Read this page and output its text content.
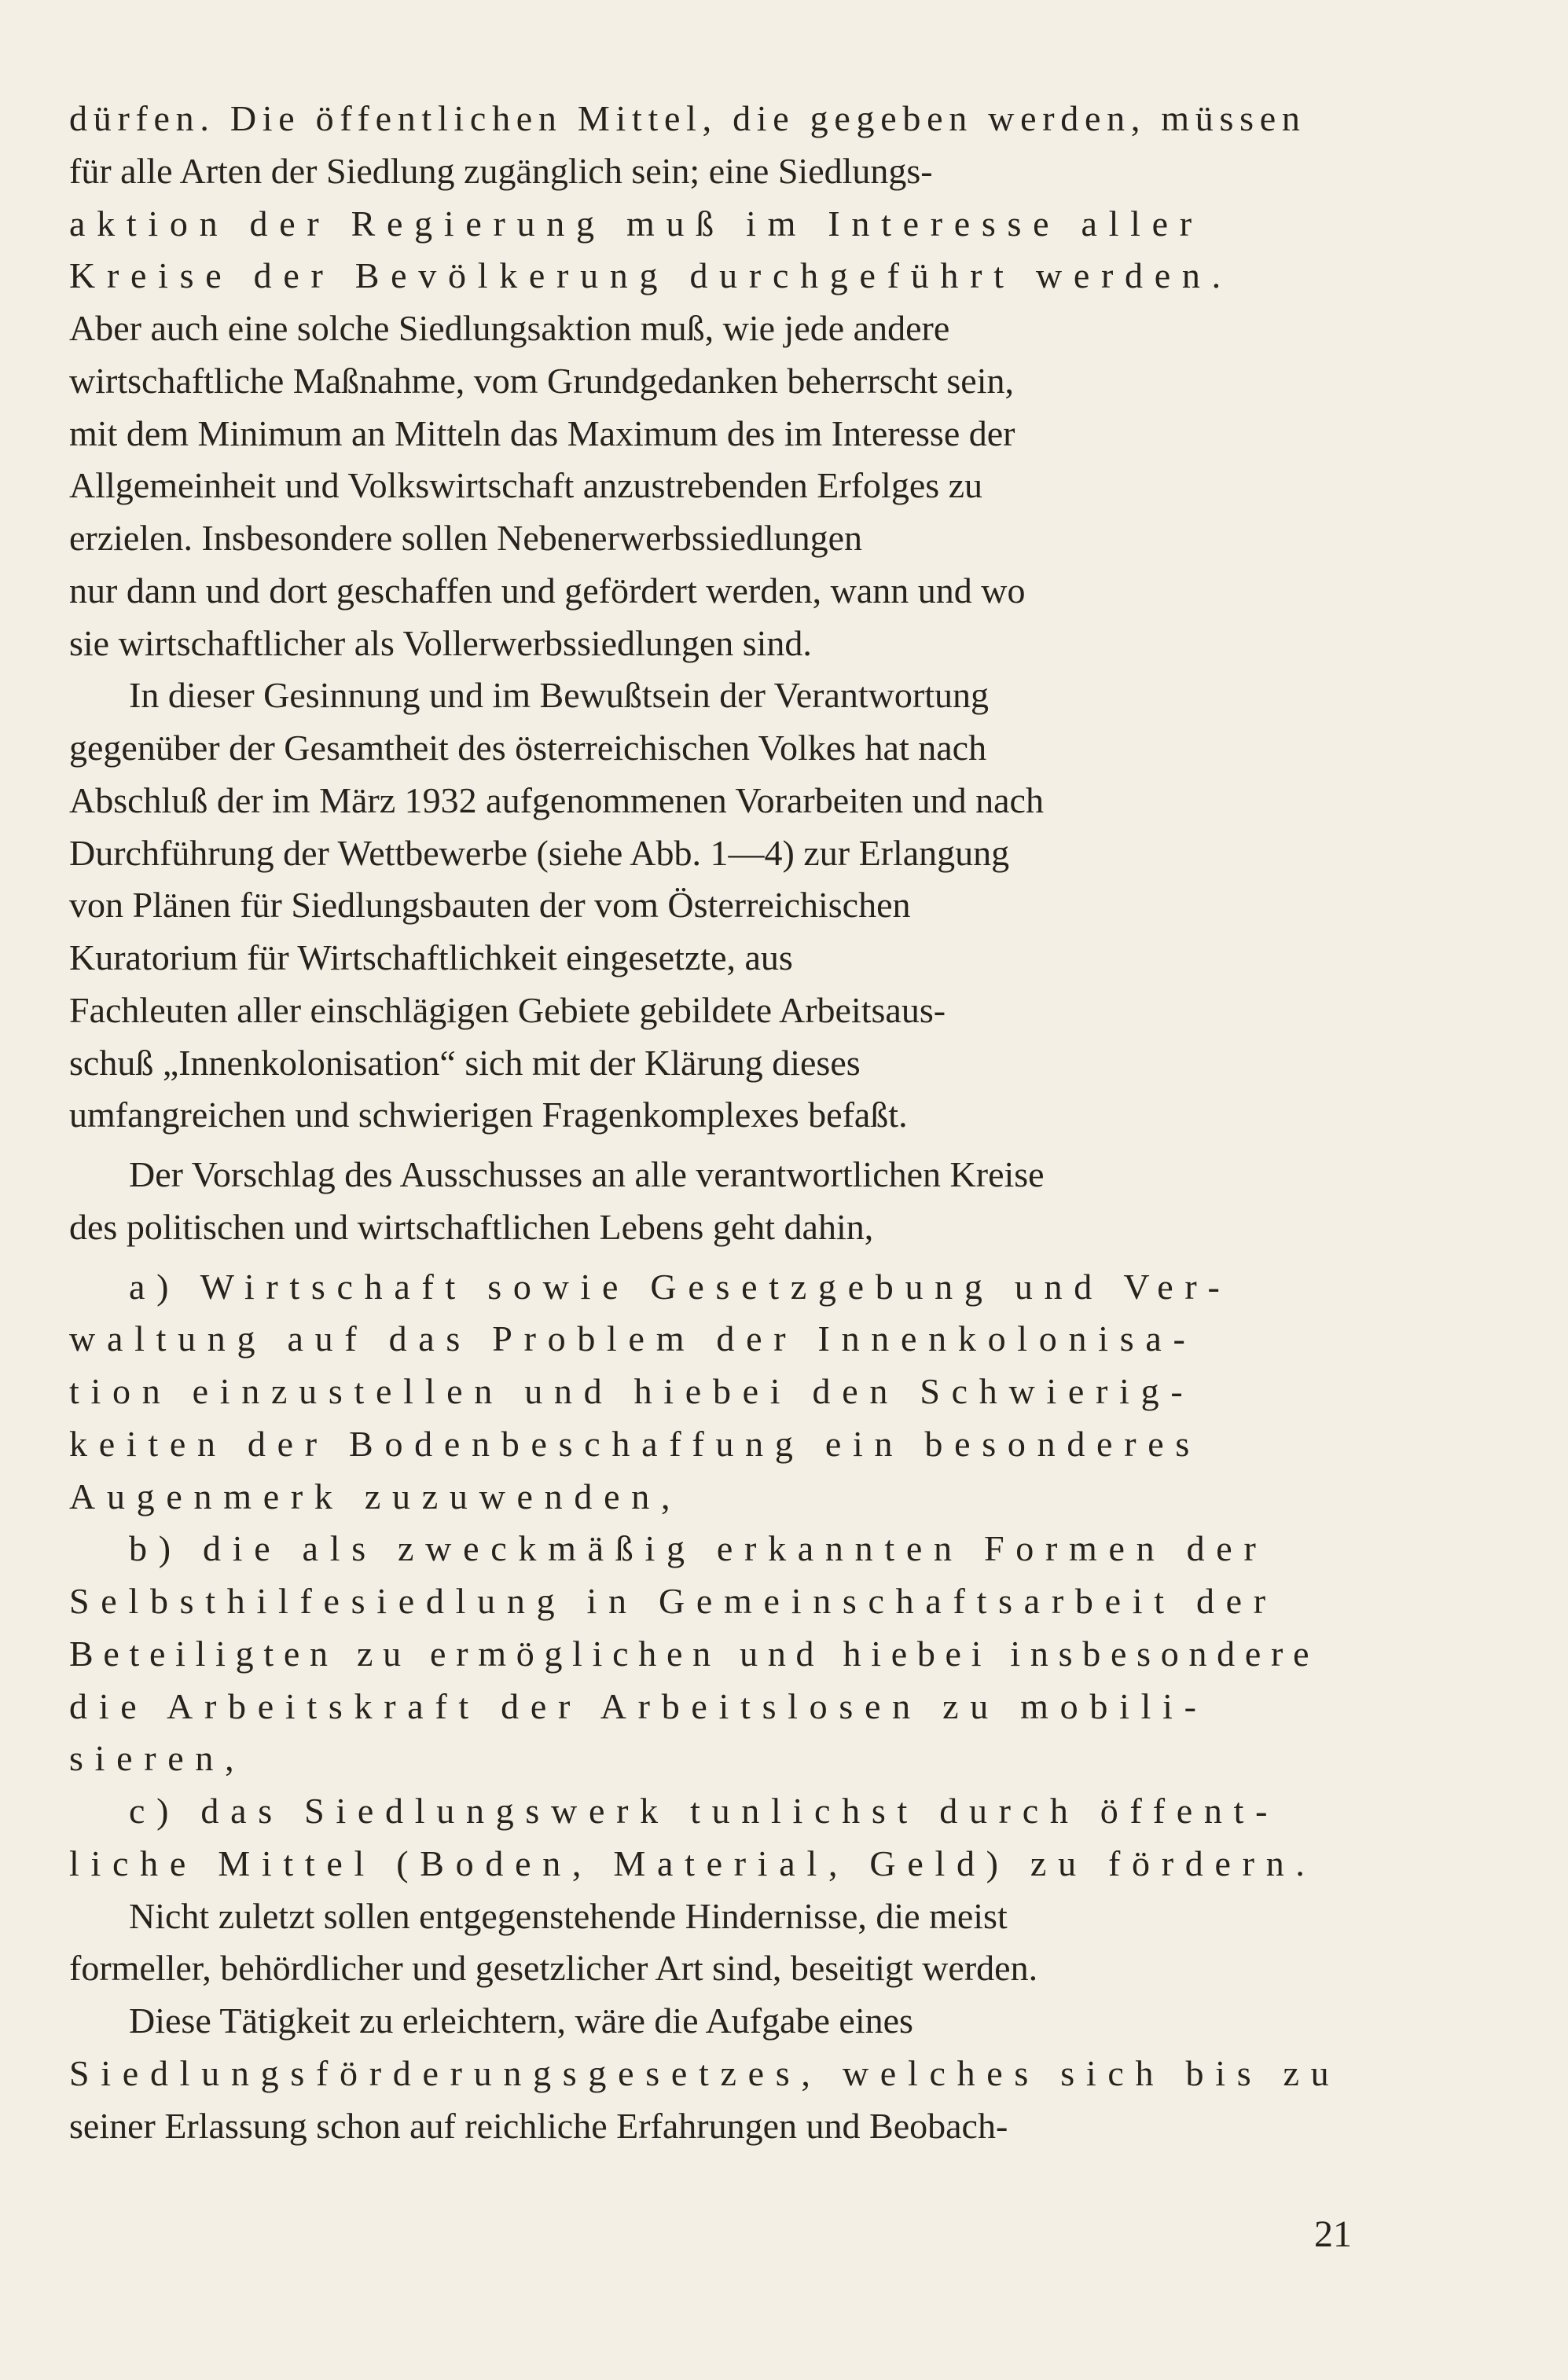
dürfen. Die öffentlichen Mittel, die gegeben werden, müssen
für alle Arten der Siedlung zugänglich sein; eine Siedlungs-
aktion der Regierung muß im Interesse aller
Kreise der Bevölkerung durchgeführt werden.
Aber auch eine solche Siedlungsaktion muß, wie jede andere
wirtschaftliche Maßnahme, vom Grundgedanken beherrscht sein,
mit dem Minimum an Mitteln das Maximum des im Interesse der
Allgemeinheit und Volkswirtschaft anzustrebenden Erfolges zu
erzielen. Insbesondere sollen Nebenerwerbssiedlungen
nur dann und dort geschaffen und gefördert werden, wann und wo
sie wirtschaftlicher als Vollerwerbssiedlungen sind.
In dieser Gesinnung und im Bewußtsein der Verantwortung
gegenüber der Gesamtheit des österreichischen Volkes hat nach
Abschluß der im März 1932 aufgenommenen Vorarbeiten und nach
Durchführung der Wettbewerbe (siehe Abb. 1—4) zur Erlangung
von Plänen für Siedlungsbauten der vom Österreichischen
Kuratorium für Wirtschaftlichkeit eingesetzte, aus
Fachleuten aller einschlägigen Gebiete gebildete Arbeitsaus-
schuß „Innenkolonisation“ sich mit der Klärung dieses
umfangreichen und schwierigen Fragenkomplexes befaßt.
Der Vorschlag des Ausschusses an alle verantwortlichen Kreise
des politischen und wirtschaftlichen Lebens geht dahin,
a) Wirtschaft sowie Gesetzgebung und Ver-
waltung auf das Problem der Innenkolonisa-
tion einzustellen und hiebei den Schwierig-
keiten der Bodenbeschaffung ein besonderes
Augenmerk zuzuwenden,
b) die als zweckmäßig erkannten Formen der
Selbsthilfesiedlung in Gemeinschaftsarbeit der
Beteiligten zu ermöglichen und hiebei insbesondere
die Arbeitskraft der Arbeitslosen zu mobili-
sieren,
c) das Siedlungswerk tunlichst durch öffent-
liche Mittel (Boden, Material, Geld) zu fördern.
Nicht zuletzt sollen entgegenstehende Hindernisse, die meist
formeller, behördlicher und gesetzlicher Art sind, beseitigt werden.
Diese Tätigkeit zu erleichtern, wäre die Aufgabe eines
Siedlungsförderungsgesetzes, welches sich bis zu
seiner Erlassung schon auf reichliche Erfahrungen und Beobach-
21
